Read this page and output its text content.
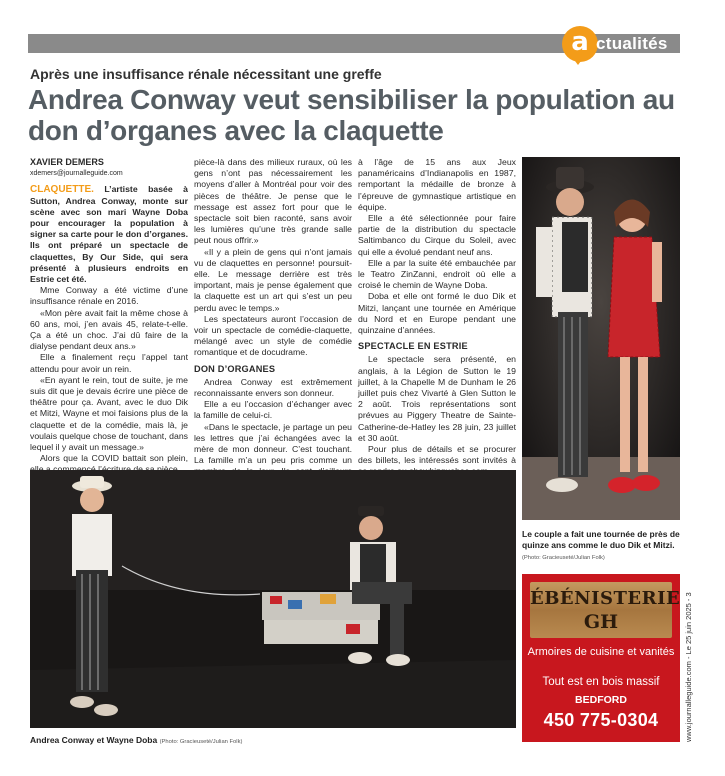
a ctualités
Après une insuffisance rénale nécessitant une greffe
Andrea Conway veut sensibiliser la population au don d’organes avec la claquette
XAVIER DEMERS
xdemers@journalleguide.com

CLAQUETTE. L’artiste basée à Sutton, Andrea Conway, monte sur scène avec son mari Wayne Doba pour encourager la population à signer sa carte pour le don d’organes. Ils ont préparé un spectacle de claquettes, By Our Side, qui sera présenté à plusieurs endroits en Estrie cet été.

Mme Conway a été victime d’une insuffisance rénale en 2016.

«Mon père avait fait la même chose à 60 ans, moi, j’en avais 45, relate-t-elle. Ça a été un choc. J’ai dû faire de la dialyse pendant deux ans.»

Elle a finalement reçu l’appel tant attendu pour avoir un rein.

«En ayant le rein, tout de suite, je me suis dit que je devais écrire une pièce de théâtre pour ça. Avant, avec le duo Dik et Mitzi, Wayne et moi faisions plus de la claquette et de la comédie, mais là, je voulais quelque chose de touchant, dans lequel il y avait un message.»

Alors que la COVID battait son plein,

pièce-là dans des milieux ruraux, où les gens n’ont pas nécessairement les moyens d’aller à Montréal pour voir des pièces de théâtre. Je pense que le message est assez fort pour que le spectacle soit bien raconté, sans avoir les lumières qu’une très grande salle peut nous offrir.»

«Il y a plein de gens qui n’ont jamais vu de claquettes en personne! poursuit-elle. Le message derrière est très important, mais je pense également que la claquette est un art qui s’est un peu perdu avec le temps.»

Les spectateurs auront l’occasion de voir un spectacle de comédie-claquette, mélangé avec un style de comédie romantique et de docudrame.

DON D’ORGANES

Andrea Conway est extrêmement reconnaissante envers son donneur.

Elle a eu l’occasion d’échanger avec la famille de celui-ci.

«Dans le spectacle, je partage un peu les lettres que j’ai échangées avec la mère de mon donneur. C’est touchant. La famille m’a un peu pris comme un

à l’âge de 15 ans aux Jeux panaméricains d’Indianapolis en 1987, remportant la médaille de bronze à l’épreuve de gymnastique artistique en équipe.

Elle a été sélectionnée pour faire partie de la distribution du spectacle Saltimbanco du Cirque du Soleil, avec qui elle a évolué pendant neuf ans.

Elle a par la suite été embauchée par le Teatro ZinZanni, endroit où elle a croisé le chemin de Wayne Doba.

Doba et elle ont formé le duo Dik et Mitzi, lançant une tournée en Amérique du Nord et en Europe pendant une quinzaine d’années.

SPECTACLE EN ESTRIE

Le spectacle sera présenté, en anglais, à la Légion de Sutton le 19 juillet, à la Chapelle M de Dunham le 26 juillet puis chez Vivarté à Glen Sutton le 2 août. Trois représentations sont prévues au Piggery Theatre de Sainte-Catherine-de-Hatley les 28 juin, 23 juillet et 30 août.

Pour plus de détails et se procurer des billets, les intéressés sont invités à

Le couple a fait une tournée de près de quinze ans comme le duo Dik et Mitzi.
(Photo: Gracieuseté/Julian Folk)
Andrea Conway et Wayne Doba (Photo: Gracieuseté/Julian Folk)
ÉBÉNISTERIE
GH
Armoires de cuisine et vanités
Tout est en bois massif
BEDFORD
450 775-0304	www.journalleguide.com - Le 25 juin 2025 - 3
